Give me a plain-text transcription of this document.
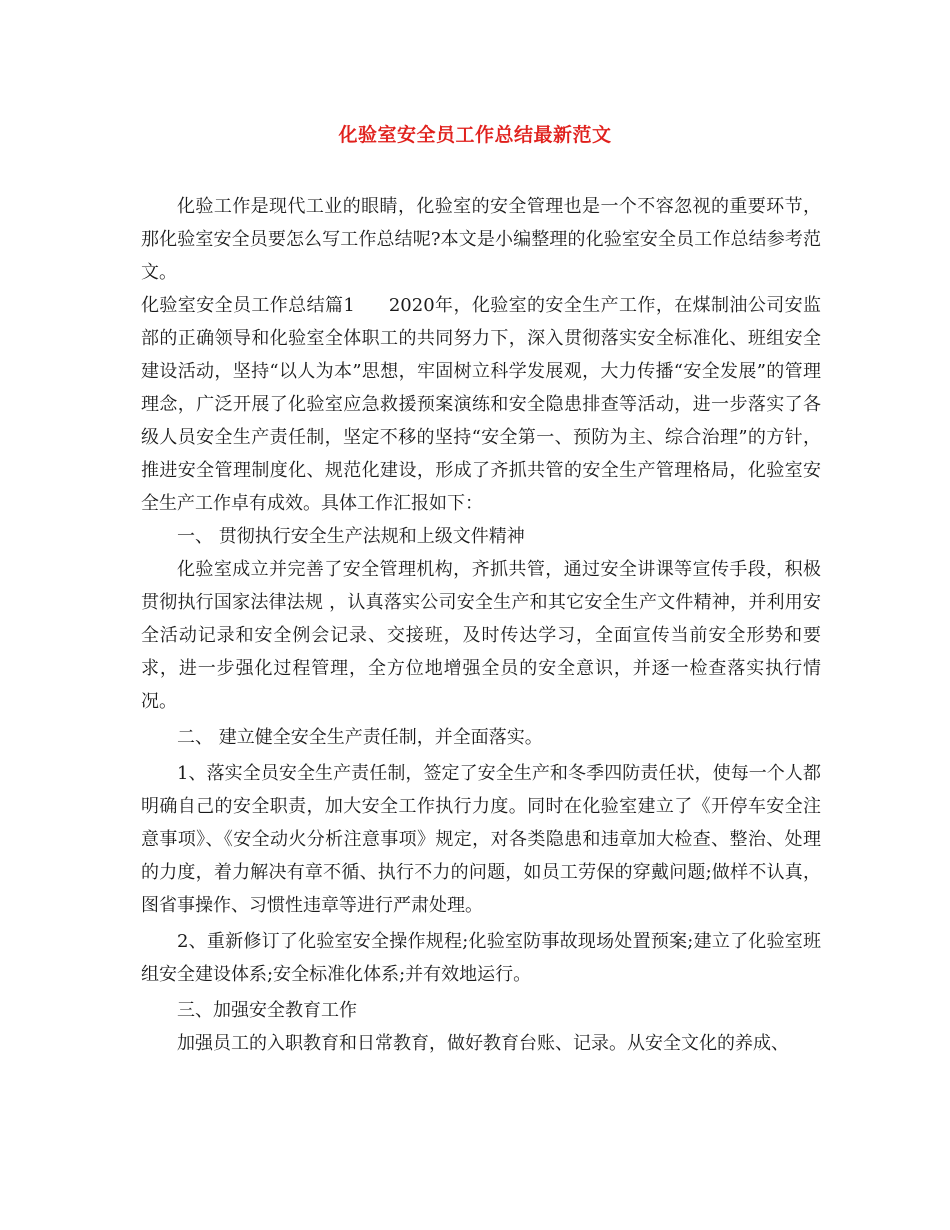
化验室安全员工作总结最新范文

化验工作是现代工业的眼睛，化验室的安全管理也是一个不容忽视的重要环节，那化验室安全员要怎么写工作总结呢?本文是小编整理的化验室安全员工作总结参考范文。

化验室安全员工作总结篇1 2020年，化验室的安全生产工作，在煤制油公司安监部的正确领导和化验室全体职工的共同努力下，深入贯彻落实安全标准化、班组安全建设活动，坚持“以人为本”思想，牢固树立科学发展观，大力传播“安全发展”的管理理念，广泛开展了化验室应急救援预案演练和安全隐患排查等活动，进一步落实了各级人员安全生产责任制，坚定不移的坚持“安全第一、预防为主、综合治理”的方针，推进安全管理制度化、规范化建设，形成了齐抓共管的安全生产管理格局，化验室安全生产工作卓有成效。具体工作汇报如下：

一、 贯彻执行安全生产法规和上级文件精神

化验室成立并完善了安全管理机构，齐抓共管，通过安全讲课等宣传手段，积极贯彻执行国家法律法规 ，认真落实公司安全生产和其它安全生产文件精神，并利用安全活动记录和安全例会记录、交接班，及时传达学习，全面宣传当前安全形势和要求，进一步强化过程管理，全方位地增强全员的安全意识，并逐一检查落实执行情况。

二、 建立健全安全生产责任制，并全面落实。

1、落实全员安全生产责任制，签定了安全生产和冬季四防责任状，使每一个人都明确自己的安全职责，加大安全工作执行力度。同时在化验室建立了《开停车安全注意事项》、《安全动火分析注意事项》规定，对各类隐患和违章加大检查、整治、处理的力度，着力解决有章不循、执行不力的问题，如员工劳保的穿戴问题;做样不认真，图省事操作、习惯性违章等进行严肃处理。

2、重新修订了化验室安全操作规程;化验室防事故现场处置预案;建立了化验室班组安全建设体系;安全标准化体系;并有效地运行。

三、加强安全教育工作

加强员工的入职教育和日常教育，做好教育台账、记录。从安全文化的养成、
